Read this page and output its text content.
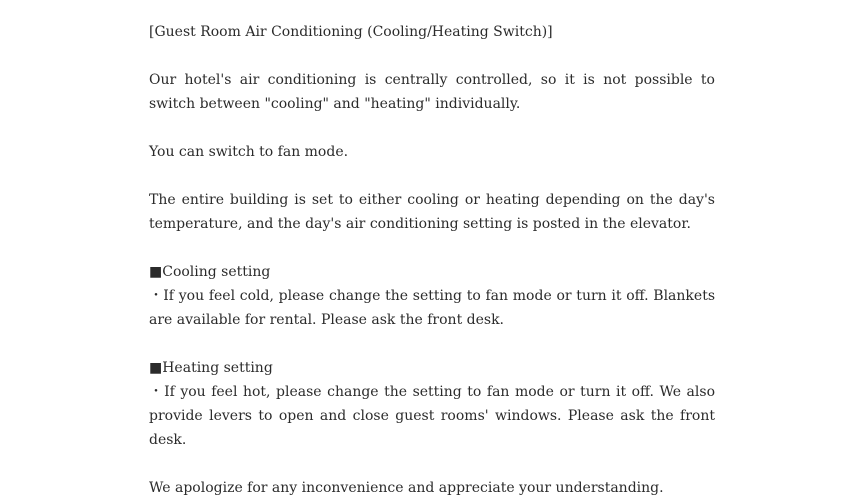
[Guest Room Air Conditioning (Cooling/Heating Switch)]

Our hotel's air conditioning is centrally controlled, so it is not possible to switch between "cooling" and "heating" individually.

You can switch to fan mode.

The entire building is set to either cooling or heating depending on the day's temperature, and the day's air conditioning setting is posted in the elevator.

■Cooling setting
・If you feel cold, please change the setting to fan mode or turn it off. Blankets are available for rental. Please ask the front desk.
■Heating setting
・If you feel hot, please change the setting to fan mode or turn it off. We also provide levers to open and close guest rooms' windows. Please ask the front desk.

We apologize for any inconvenience and appreciate your understanding.
